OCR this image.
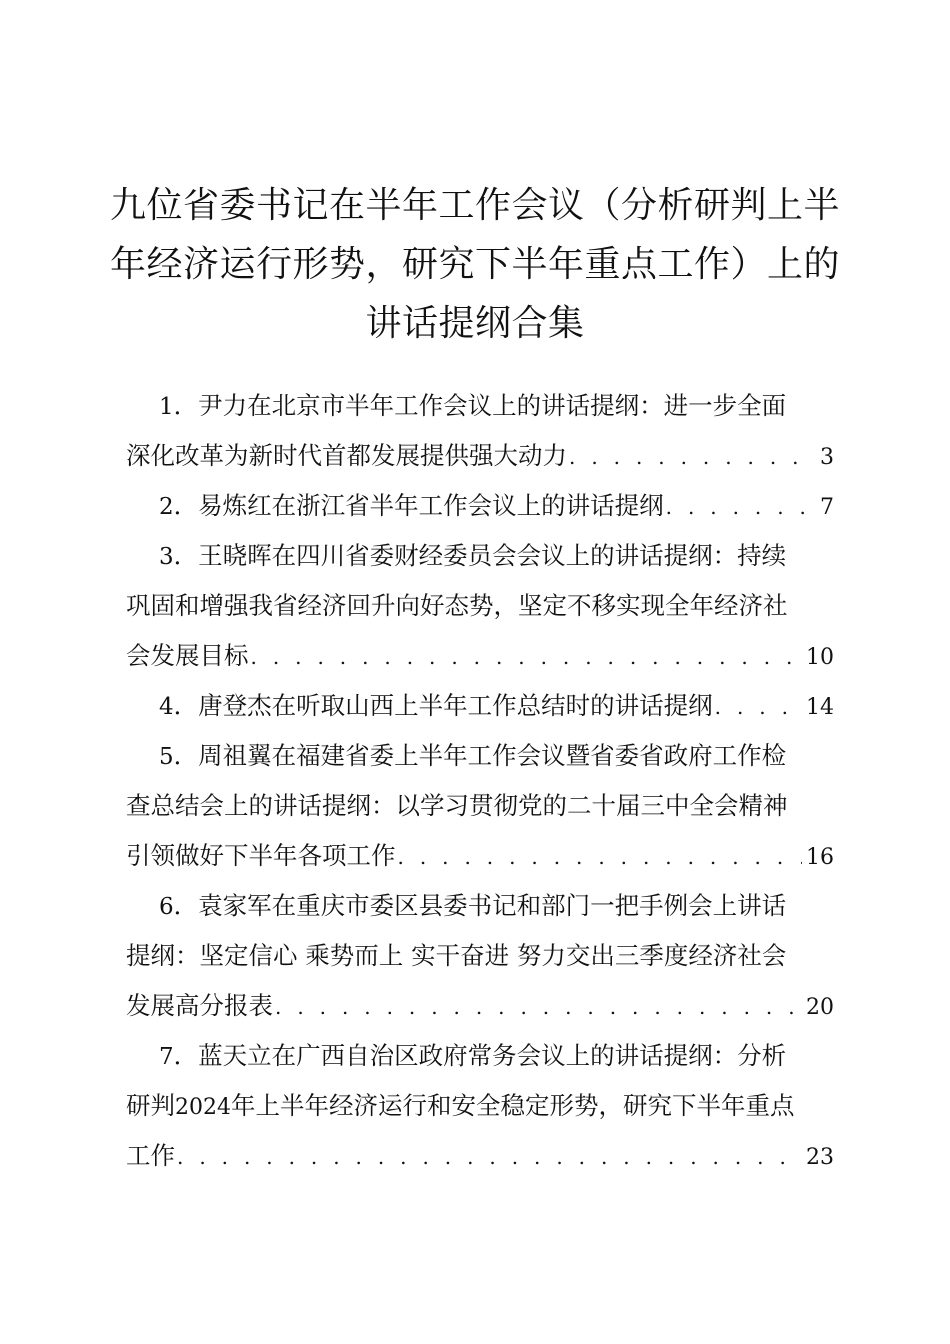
九位省委书记在半年工作会议（分析研判上半
年经济运行形势，研究下半年重点工作）上的
讲话提纲合集
1 ． 尹力在北京市半年工作会议上的讲话提纲：进一步全面
深化改革为新时代首都发展提供强大动力 . . .	3
2 ． 易炼红在浙江省半年工作会议上的讲话提纲 . . .	7
3 ． 王晓晖在四川省委财经委员会会议上的讲话提纲：持续
巩固和增强我省经济回升向好态势，坚定不移实现全年经济社
会发展目标 . . .	10
4 ． 唐登杰在听取山西上半年工作总结时的讲话提纲 . . .	14
5 ． 周祖翼在福建省委上半年工作会议暨省委省政府工作检
查总结会上的讲话提纲：以学习贯彻党的二十届三中全会精神
引领做好下半年各项工作 . . .	16
6 ． 袁家军在重庆市委区县委书记和部门一把手例会上讲话
提纲：坚定信心 乘势而上 实干奋进 努力交出三季度经济社会
发展高分报表 . . .	20
7 ． 蓝天立在广西自治区政府常务会议上的讲话提纲：分析
研判 2024 年上半年经济运行和安全稳定形势，研究下半年重点
工作 . . .	23
